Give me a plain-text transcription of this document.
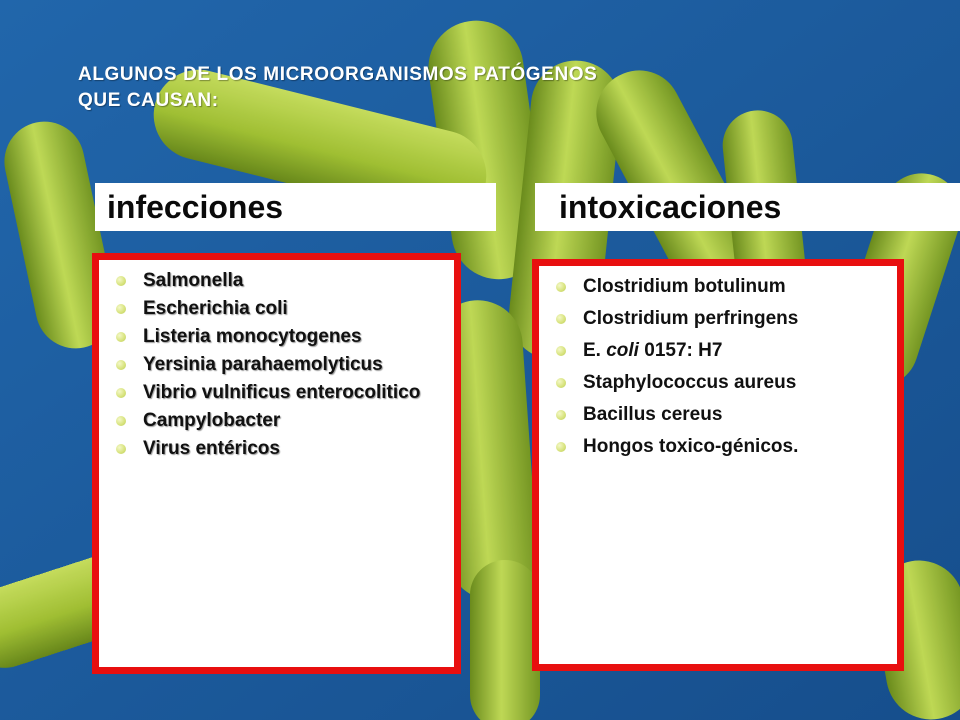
ALGUNOS DE LOS MICROORGANISMOS PATÓGENOS
QUE CAUSAN:
infecciones	intoxicaciones
Salmonella
Escherichia coli
Listeria monocytogenes
Yersinia parahaemolyticus
Vibrio vulnificus enterocolitico
Campylobacter
Virus entéricos
Clostridium botulinum
Clostridium perfringens
E. coli 0157: H7
Staphylococcus aureus
Bacillus cereus
Hongos toxico-génicos.
